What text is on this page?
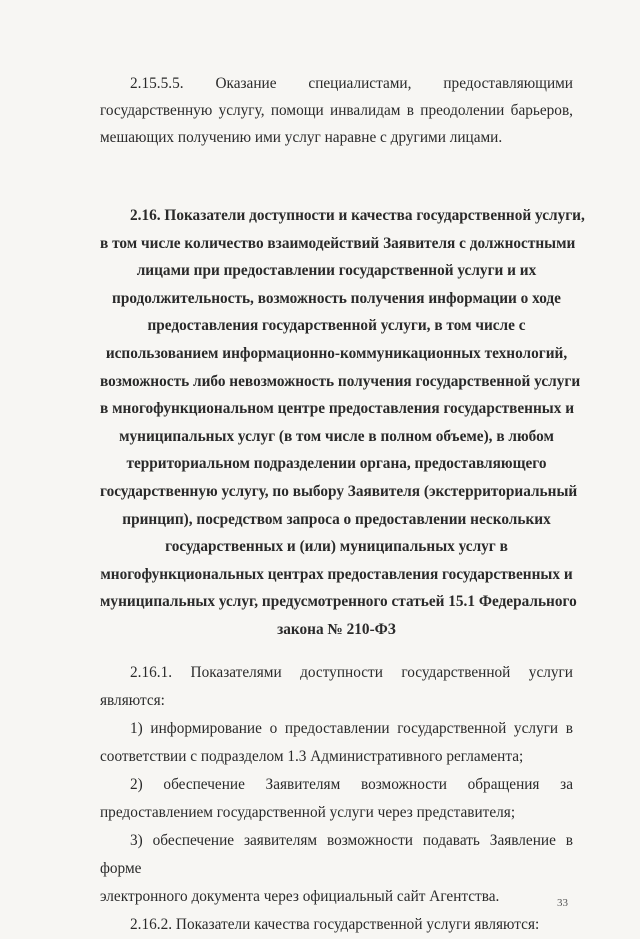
2.15.5.5. Оказание специалистами, предоставляющими
государственную услугу, помощи инвалидам в преодолении барьеров,
мешающих получению ими услуг наравне с другими лицами.

2.16. Показатели доступности и качества государственной услуги,
в том числе количество взаимодействий Заявителя с должностными
лицами при предоставлении государственной услуги и их
продолжительность, возможность получения информации о ходе
предоставления государственной услуги, в том числе с
использованием информационно-коммуникационных технологий,
возможность либо невозможность получения государственной услуги
в многофункциональном центре предоставления государственных и
муниципальных услуг (в том числе в полном объеме), в любом
территориальном подразделении органа, предоставляющего
государственную услугу, по выбору Заявителя (экстерриториальный
принцип), посредством запроса о предоставлении нескольких
государственных и (или) муниципальных услуг в
многофункциональных центрах предоставления государственных и
муниципальных услуг, предусмотренного статьей 15.1 Федерального
закона № 210-ФЗ

2.16.1. Показателями доступности государственной услуги являются:
1) информирование о предоставлении государственной услуги в
соответствии с подразделом 1.3 Административного регламента;
2) обеспечение Заявителям возможности обращения за
предоставлением государственной услуги через представителя;
3) обеспечение заявителям возможности подавать Заявление в форме
электронного документа через официальный сайт Агентства.
2.16.2. Показатели качества государственной услуги являются:

33
